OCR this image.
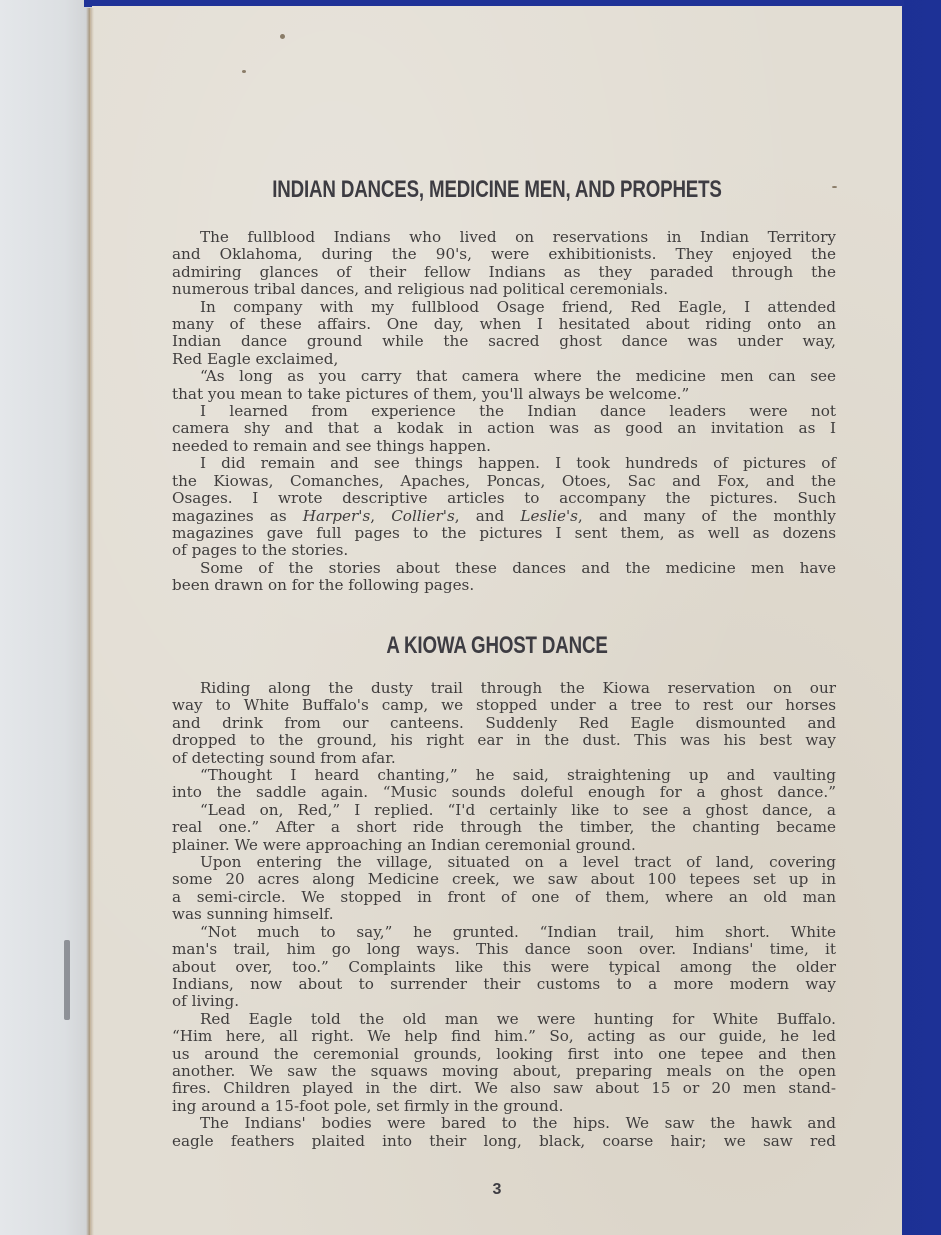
INDIAN DANCES, MEDICINE MEN, AND PROPHETS

The fullblood Indians who lived on reservations in Indian Territory
and Oklahoma, during the 90's, were exhibitionists. They enjoyed the
admiring glances of their fellow Indians as they paraded through the
numerous tribal dances, and religious nad political ceremonials.

In company with my fullblood Osage friend, Red Eagle, I attended
many of these affairs. One day, when I hesitated about riding onto an
Indian dance ground while the sacred ghost dance was under way,
Red Eagle exclaimed,

“As long as you carry that camera where the medicine men can see
that you mean to take pictures of them, you'll always be welcome.”

I learned from experience the Indian dance leaders were not
camera shy and that a kodak in action was as good an invitation as I
needed to remain and see things happen.

I did remain and see things happen. I took hundreds of pictures of
the Kiowas, Comanches, Apaches, Poncas, Otoes, Sac and Fox, and the
Osages. I wrote descriptive articles to accompany the pictures. Such
magazines as Harper's, Collier's, and Leslie's, and many of the monthly
magazines gave full pages to the pictures I sent them, as well as dozens
of pages to the stories.

Some of the stories about these dances and the medicine men have
been drawn on for the following pages.

A KIOWA GHOST DANCE

Riding along the dusty trail through the Kiowa reservation on our
way to White Buffalo's camp, we stopped under a tree to rest our horses
and drink from our canteens. Suddenly Red Eagle dismounted and
dropped to the ground, his right ear in the dust. This was his best way
of detecting sound from afar.

“Thought I heard chanting,” he said, straightening up and vaulting
into the saddle again. “Music sounds doleful enough for a ghost dance.”

“Lead on, Red,” I replied. “I'd certainly like to see a ghost dance, a
real one.” After a short ride through the timber, the chanting became
plainer. We were approaching an Indian ceremonial ground.

Upon entering the village, situated on a level tract of land, covering
some 20 acres along Medicine creek, we saw about 100 tepees set up in
a semi-circle. We stopped in front of one of them, where an old man
was sunning himself.

“Not much to say,” he grunted. “Indian trail, him short. White
man's trail, him go long ways. This dance soon over. Indians' time, it
about over, too.” Complaints like this were typical among the older
Indians, now about to surrender their customs to a more modern way
of living.

Red Eagle told the old man we were hunting for White Buffalo.
“Him here, all right. We help find him.” So, acting as our guide, he led
us around the ceremonial grounds, looking first into one tepee and then
another. We saw the squaws moving about, preparing meals on the open
fires. Children played in the dirt. We also saw about 15 or 20 men stand-
ing around a 15-foot pole, set firmly in the ground.

The Indians' bodies were bared to the hips. We saw the hawk and
eagle feathers plaited into their long, black, coarse hair; we saw red

3
